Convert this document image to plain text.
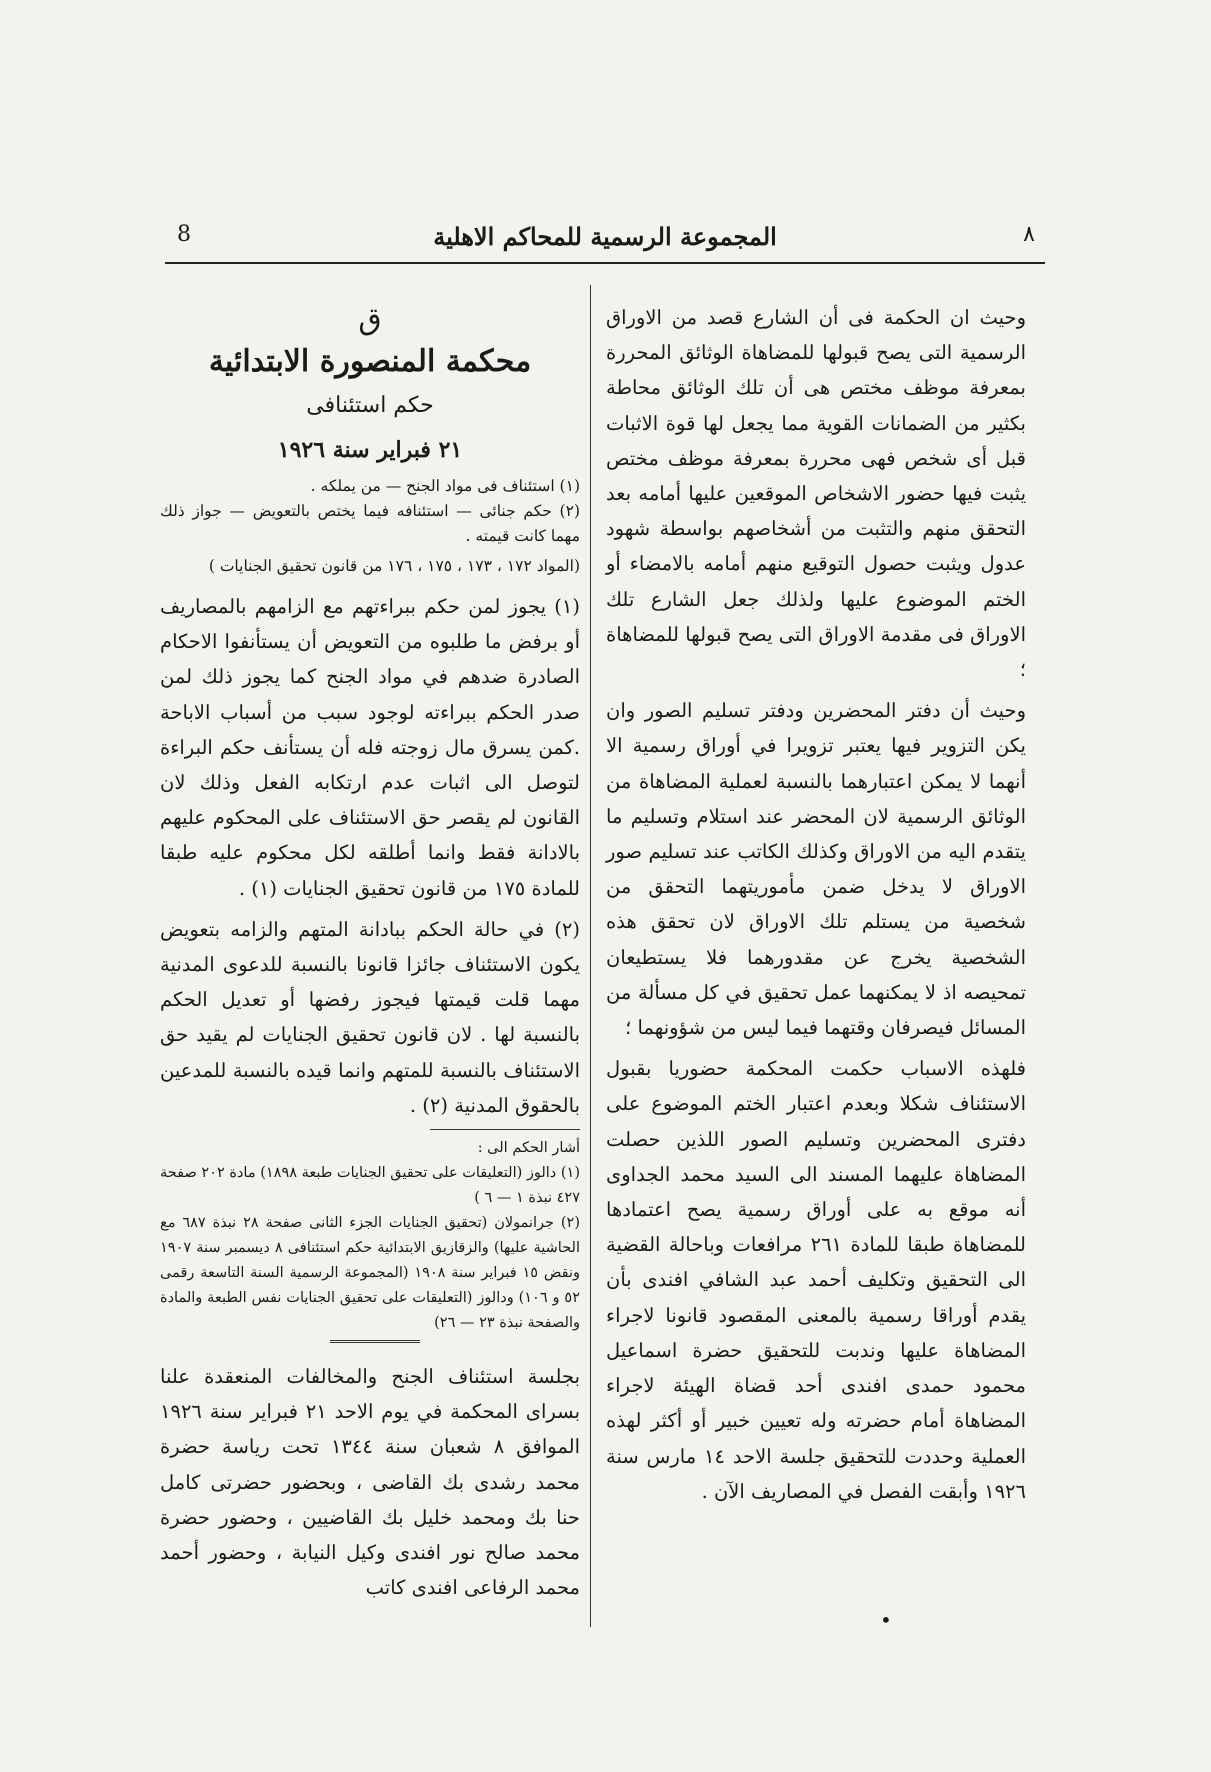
8	المجموعة الرسمية للمحاكم الاهلية	٨

وحيث ان الحكمة فى أن الشارع قصد من الاوراق الرسمية التى يصح قبولها للمضاهاة الوثائق المحررة بمعرفة موظف مختص هى أن تلك الوثائق محاطة بكثير من الضمانات القوية مما يجعل لها قوة الاثبات قبل أى شخص فهى محررة بمعرفة موظف مختص يثبت فيها حضور الاشخاص الموقعين عليها أمامه بعد التحقق منهم والتثبت من أشخاصهم بواسطة شهود عدول ويثبت حصول التوقيع منهم أمامه بالامضاء أو الختم الموضوع عليها ولذلك جعل الشارع تلك الاوراق فى مقدمة الاوراق التى يصح قبولها للمضاهاة ؛

وحيث أن دفتر المحضرين ودفتر تسليم الصور وان يكن التزوير فيها يعتبر تزويرا في أوراق رسمية الا أنهما لا يمكن اعتبارهما بالنسبة لعملية المضاهاة من الوثائق الرسمية لان المحضر عند استلام وتسليم ما يتقدم اليه من الاوراق وكذلك الكاتب عند تسليم صور الاوراق لا يدخل ضمن مأموريتهما التحقق من شخصية من يستلم تلك الاوراق لان تحقق هذه الشخصية يخرج عن مقدورهما فلا يستطيعان تمحيصه اذ لا يمكنهما عمل تحقيق في كل مسألة من المسائل فيصرفان وقتهما فيما ليس من شؤونهما ؛

فلهذه الاسباب حكمت المحكمة حضوريا بقبول الاستئناف شكلا وبعدم اعتبار الختم الموضوع على دفترى المحضرين وتسليم الصور اللذين حصلت المضاهاة عليهما المسند الى السيد محمد الجداوى أنه موقع به على أوراق رسمية يصح اعتمادها للمضاهاة طبقا للمادة ٢٦١ مرافعات وباحالة القضية الى التحقيق وتكليف أحمد عبد الشافي افندى بأن يقدم أوراقا رسمية بالمعنى المقصود قانونا لاجراء المضاهاة عليها وندبت للتحقيق حضرة اسماعيل محمود حمدى افندى أحد قضاة الهيئة لاجراء المضاهاة أمام حضرته وله تعيين خبير أو أكثر لهذه العملية وحددت للتحقيق جلسة الاحد ١٤ مارس سنة ١٩٢٦ وأبقت الفصل في المصاريف الآن .

ق

محكمة المنصورة الابتدائية

حكم استئنافى

٢١ فبراير سنة ١٩٢٦

(١) استئناف فى مواد الجنح — من يملكه .

(٢) حكم جنائى — استئنافه فيما يختص بالتعويض — جواز ذلك مهما كانت قيمته .

(المواد ١٧٢ ، ١٧٣ ، ١٧٥ ، ١٧٦ من قانون تحقيق الجنايات )

(١) يجوز لمن حكم ببراءتهم مع الزامهم بالمصاريف أو برفض ما طلبوه من التعويض أن يستأنفوا الاحكام الصادرة ضدهم في مواد الجنح كما يجوز ذلك لمن صدر الحكم ببراءته لوجود سبب من أسباب الاباحة .كمن يسرق مال زوجته فله أن يستأنف حكم البراءة لتوصل الى اثبات عدم ارتكابه الفعل وذلك لان القانون لم يقصر حق الاستئناف على المحكوم عليهم بالادانة فقط وانما أطلقه لكل محكوم عليه طبقا للمادة ١٧٥ من قانون تحقيق الجنايات (١) .

(٢) في حالة الحكم ببادانة المتهم والزامه بتعويض يكون الاستئناف جائزا قانونا بالنسبة للدعوى المدنية مهما قلت قيمتها فيجوز رفضها أو تعديل الحكم بالنسبة لها . لان قانون تحقيق الجنايات لم يقيد حق الاستئناف بالنسبة للمتهم وانما قيده بالنسبة للمدعين بالحقوق المدنية (٢) .

أشار الحكم الى :

(١) دالوز (التعليقات على تحقيق الجنايات طبعة ١٨٩٨) مادة ٢٠٢ صفحة ٤٢٧ نبذة ١ — ٦ )

(٢) جرانمولان (تحقيق الجنايات الجزء الثانى صفحة ٢٨ نبذة ٦٨٧ مع الحاشية عليها) والزقازيق الابتدائية حكم استئنافى ٨ ديسمبر سنة ١٩٠٧ ونقض ١٥ فبراير سنة ١٩٠٨ (المجموعة الرسمية السنة التاسعة رقمى ٥٢ و ١٠٦) ودالوز (التعليقات على تحقيق الجنايات نفس الطبعة والمادة والصفحة نبذة ٢٣ — ٢٦)

بجلسة استئناف الجنح والمخالفات المنعقدة علنا بسراى المحكمة في يوم الاحد ٢١ فبراير سنة ١٩٢٦ الموافق ٨ شعبان سنة ١٣٤٤ تحت رياسة حضرة محمد رشدى بك القاضى ، وبحضور حضرتى كامل حنا بك ومحمد خليل بك القاضيين ، وحضور حضرة محمد صالح نور افندى وكيل النيابة ، وحضور أحمد محمد الرفاعى افندى كاتب

•
